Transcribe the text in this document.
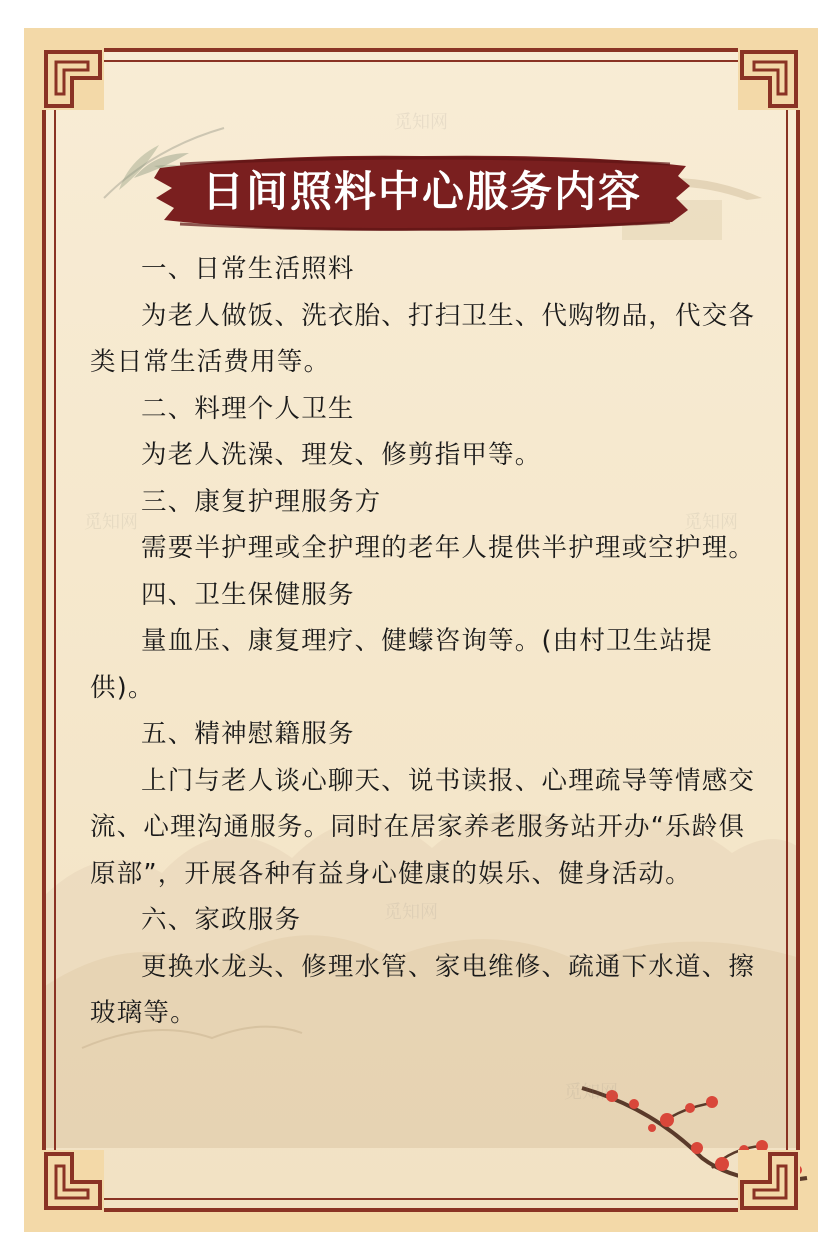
觅知网
觅知网	觅知网
觅知网
觅知网
日间照料中心服务内容

一、日常生活照料

为老人做饭、洗衣胎、打扫卫生、代购物品，代交各类日常生活费用等。

二、料理个人卫生

为老人洗澡、理发、修剪指甲等。

三、康复护理服务方

需要半护理或全护理的老年人提供半护理或空护理。

四、卫生保健服务

量血压、康复理疗、健蠓咨询等。(由村卫生站提供)。

五、精神慰籍服务

上门与老人谈心聊天、说书读报、心理疏导等情感交流、心理沟通服务。同时在居家养老服务站开办“乐龄俱原部”，开展各种有益身心健康的娱乐、健身活动。

六、家政服务

更换水龙头、修理水管、家电维修、疏通下水道、擦玻璃等。
